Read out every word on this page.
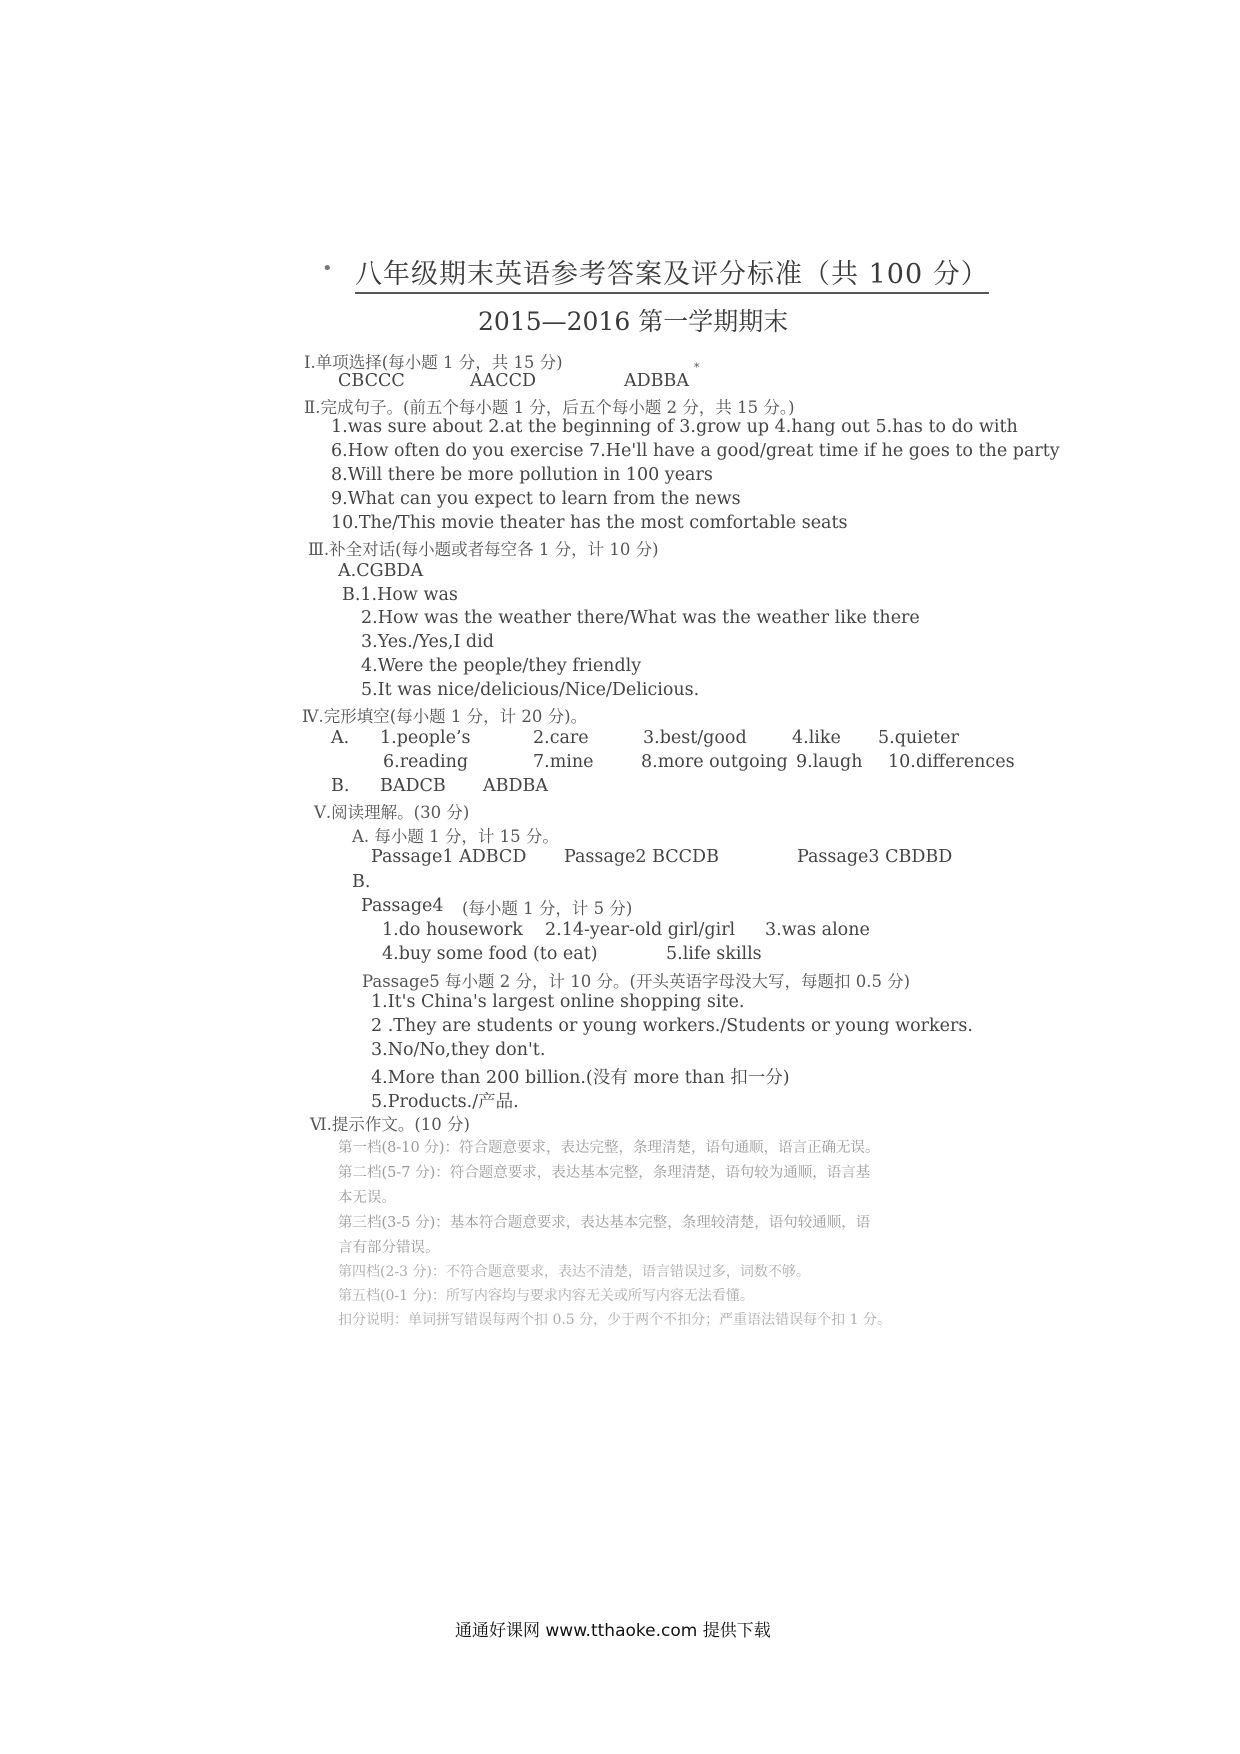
• 八年级期末英语参考答案及评分标准（共 100 分）
2015—2016 第一学期期末
Ⅰ.单项选择(每小题 1 分，共 15 分)
CBCCC	AACCD	ADBBA
*
Ⅱ.完成句子。(前五个每小题 1 分，后五个每小题 2 分，共 15 分。)
1.was sure about 2.at the beginning of 3.grow up 4.hang out 5.has to do with
6.How often do you exercise 7.He'll have a good/great time if he goes to the party
8.Will there be more pollution in 100 years
9.What can you expect to learn from the news
10.The/This movie theater has the most comfortable seats
Ⅲ.补全对话(每小题或者每空各 1 分，计 10 分)
A.CGBDA
B.1.How was
2.How was the weather there/What was the weather like there
3.Yes./Yes,I did
4.Were the people/they friendly
5.It was nice/delicious/Nice/Delicious.
Ⅳ.完形填空(每小题 1 分，计 20 分)。
A. 1.people’s	2.care	3.best/good	4.like 5.quieter
6.reading	7.mine	8.more outgoing 9.laugh 10.differences
B. BADCB ABDBA
Ⅴ.阅读理解。(30 分)
A. 每小题 1 分，计 15 分。
Passage1 ADBCD Passage2 BCCDB	Passage3 CBDBD
B.
Passage4 (每小题 1 分，计 5 分)
1.do housework 2.14-year-old girl/girl 3.was alone
4.buy some food (to eat)	5.life skills
Passage5 每小题 2 分，计 10 分。(开头英语字母没大写，每题扣 0.5 分)
1.It's China's largest online shopping site.
2 .They are students or young workers./Students or young workers.
3.No/No,they don't.
4.More than 200 billion.(没有 more than 扣一分)
5.Products./产品.
Ⅵ.提示作文。(10 分)
第一档(8-10 分)：符合题意要求，表达完整，条理清楚，语句通顺，语言正确无误。
第二档(5-7 分)：符合题意要求，表达基本完整，条理清楚，语句较为通顺，语言基
本无误。
第三档(3-5 分)：基本符合题意要求，表达基本完整，条理较清楚，语句较通顺，语
言有部分错误。
第四档(2-3 分)：不符合题意要求，表达不清楚，语言错误过多，词数不够。
第五档(0-1 分)：所写内容均与要求内容无关或所写内容无法看懂。
扣分说明：单词拼写错误每两个扣 0.5 分，少于两个不扣分；严重语法错误每个扣 1 分。
通通好课网 www.tthaoke.com 提供下载
